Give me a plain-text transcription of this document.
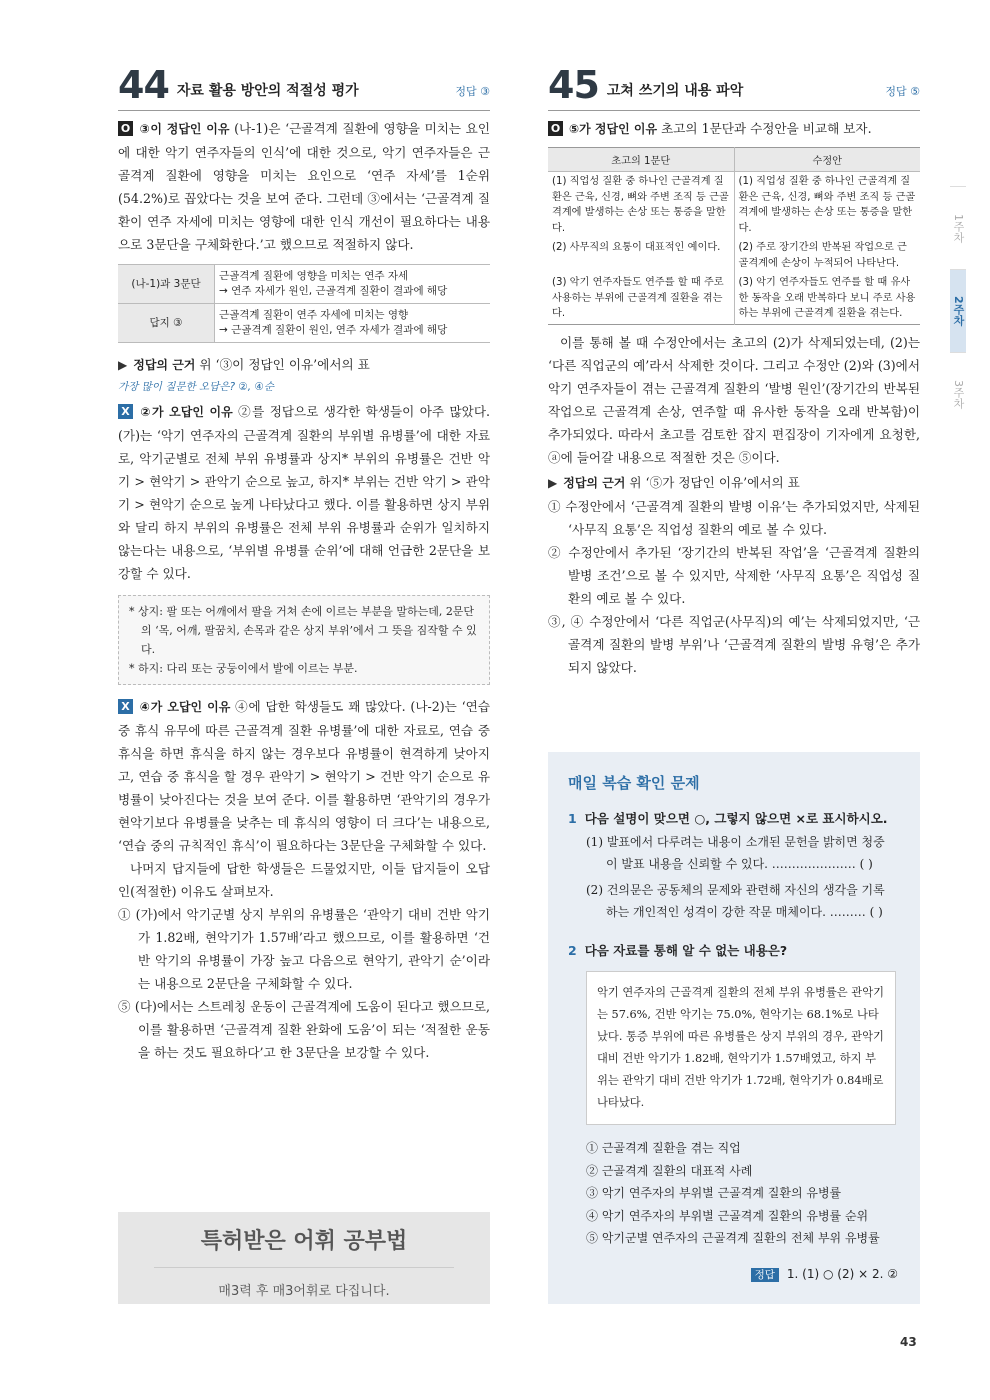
44 자료 활용 방안의 적절성 평가	정답 ③

O ③이 정답인 이유 (나-1)은 ‘근골격계 질환에 영향을 미치는 요인에 대한 악기 연주자들의 인식’에 대한 것으로, 악기 연주자들은 근골격계 질환에 영향을 미치는 요인으로 ‘연주 자세’를 1순위(54.2%)로 꼽았다는 것을 보여 준다. 그런데 ③에서는 ‘근골격계 질환이 연주 자세에 미치는 영향에 대한 인식 개선이 필요하다는 내용으로 3문단을 구체화한다.’고 했으므로 적절하지 않다.

(나-1)과 3문단	근골격계 질환에 영향을 미치는 연주 자세
→ 연주 자세가 원인, 근골격계 질환이 결과에 해당

답지 ③	근골격계 질환이 연주 자세에 미치는 영향
→ 근골격계 질환이 원인, 연주 자세가 결과에 해당

▶ 정답의 근거 위 ‘③이 정답인 이유’에서의 표

가장 많이 질문한 오답은? ②, ④순

X ②가 오답인 이유 ②를 정답으로 생각한 학생들이 아주 많았다. (가)는 ‘악기 연주자의 근골격계 질환의 부위별 유병률’에 대한 자료로, 악기군별로 전체 부위 유병률과 상지* 부위의 유병률은 건반 악기 > 현악기 > 관악기 순으로 높고, 하지* 부위는 건반 악기 > 관악기 > 현악기 순으로 높게 나타났다고 했다. 이를 활용하면 상지 부위와 달리 하지 부위의 유병률은 전체 부위 유병률과 순위가 일치하지 않는다는 내용으로, ‘부위별 유병률 순위’에 대해 언급한 2문단을 보강할 수 있다.

* 상지: 팔 또는 어깨에서 팔을 거쳐 손에 이르는 부분을 말하는데, 2문단의 ‘목, 어깨, 팔꿈치, 손목과 같은 상지 부위’에서 그 뜻을 짐작할 수 있다.
* 하지: 다리 또는 궁둥이에서 발에 이르는 부분.

X ④가 오답인 이유 ④에 답한 학생들도 꽤 많았다. (나-2)는 ‘연습 중 휴식 유무에 따른 근골격계 질환 유병률’에 대한 자료로, 연습 중 휴식을 하면 휴식을 하지 않는 경우보다 유병률이 현격하게 낮아지고, 연습 중 휴식을 할 경우 관악기 > 현악기 > 건반 악기 순으로 유병률이 낮아진다는 것을 보여 준다. 이를 활용하면 ‘관악기의 경우가 현악기보다 유병률을 낮추는 데 휴식의 영향이 더 크다’는 내용으로, ‘연습 중의 규칙적인 휴식’이 필요하다는 3문단을 구체화할 수 있다.

나머지 답지들에 답한 학생들은 드물었지만, 이들 답지들이 오답인(적절한) 이유도 살펴보자.

① (가)에서 악기군별 상지 부위의 유병률은 ‘관악기 대비 건반 악기가 1.82배, 현악기가 1.57배’라고 했으므로, 이를 활용하면 ‘건반 악기의 유병률이 가장 높고 다음으로 현악기, 관악기 순’이라는 내용으로 2문단을 구체화할 수 있다.

⑤ (다)에서는 스트레칭 운동이 근골격계에 도움이 된다고 했으므로, 이를 활용하면 ‘근골격계 질환 완화에 도움’이 되는 ‘적절한 운동을 하는 것도 필요하다’고 한 3문단을 보강할 수 있다.

특허받은 어휘 공부법
매3력 후 매3어휘로 다집니다.
45 고쳐 쓰기의 내용 파악	정답 ⑤

O ⑤가 정답인 이유 초고의 1문단과 수정안을 비교해 보자.

초고의 1문단	수정안
(1) 직업성 질환 중 하나인 근골격계 질환은 근육, 신경, 뼈와 주변 조직 등 근골격계에 발생하는 손상 또는 통증을 말한다.	(1) 직업성 질환 중 하나인 근골격계 질환은 근육, 신경, 뼈와 주변 조직 등 근골격계에 발생하는 손상 또는 통증을 말한다.
(2) 사무직의 요통이 대표적인 예이다.	(2) 주로 장기간의 반복된 작업으로 근골격계에 손상이 누적되어 나타난다.
(3) 악기 연주자들도 연주를 할 때 주로 사용하는 부위에 근골격계 질환을 겪는다.	(3) 악기 연주자들도 연주를 할 때 유사한 동작을 오래 반복하다 보니 주로 사용하는 부위에 근골격계 질환을 겪는다.

이를 통해 볼 때 수정안에서는 초고의 (2)가 삭제되었는데, (2)는 ‘다른 직업군의 예’라서 삭제한 것이다. 그리고 수정안 (2)와 (3)에서 악기 연주자들이 겪는 근골격계 질환의 ‘발병 원인’(장기간의 반복된 작업으로 근골격계 손상, 연주할 때 유사한 동작을 오래 반복함)이 추가되었다. 따라서 초고를 검토한 잡지 편집장이 기자에게 요청한, ⓐ에 들어갈 내용으로 적절한 것은 ⑤이다.

▶ 정답의 근거 위 ‘⑤가 정답인 이유’에서의 표

① 수정안에서 ‘근골격계 질환의 발병 이유’는 추가되었지만, 삭제된 ‘사무직 요통’은 직업성 질환의 예로 볼 수 있다.

② 수정안에서 추가된 ‘장기간의 반복된 작업’을 ‘근골격계 질환의 발병 조건’으로 볼 수 있지만, 삭제한 ‘사무직 요통’은 직업성 질환의 예로 볼 수 있다.

③, ④ 수정안에서 ‘다른 직업군(사무직)의 예’는 삭제되었지만, ‘근골격계 질환의 발병 부위’나 ‘근골격계 질환의 발병 유형’은 추가되지 않았다.

매일 복습 확인 문제
1 다음 설명이 맞으면 ○, 그렇지 않으면 ×로 표시하시오.
(1) 발표에서 다루려는 내용이 소개된 문헌을 밝히면 청중이 발표 내용을 신뢰할 수 있다. ………………… ( )
(2) 건의문은 공동체의 문제와 관련해 자신의 생각을 기록하는 개인적인 성격이 강한 작문 매체이다. ……… ( )
2 다음 자료를 통해 알 수 없는 내용은?
악기 연주자의 근골격계 질환의 전체 부위 유병률은 관악기는 57.6%, 건반 악기는 75.0%, 현악기는 68.1%로 나타났다. 통증 부위에 따른 유병률은 상지 부위의 경우, 관악기 대비 건반 악기가 1.82배, 현악기가 1.57배였고, 하지 부위는 관악기 대비 건반 악기가 1.72배, 현악기가 0.84배로 나타났다.
① 근골격계 질환을 겪는 직업
② 근골격계 질환의 대표적 사례
③ 악기 연주자의 부위별 근골격계 질환의 유병률
④ 악기 연주자의 부위별 근골격계 질환의 유병률 순위
⑤ 악기군별 연주자의 근골격계 질환의 전체 부위 유병률
정답 1. (1) ○ (2) × 2. ②
1주차
2주차
3주차
43
